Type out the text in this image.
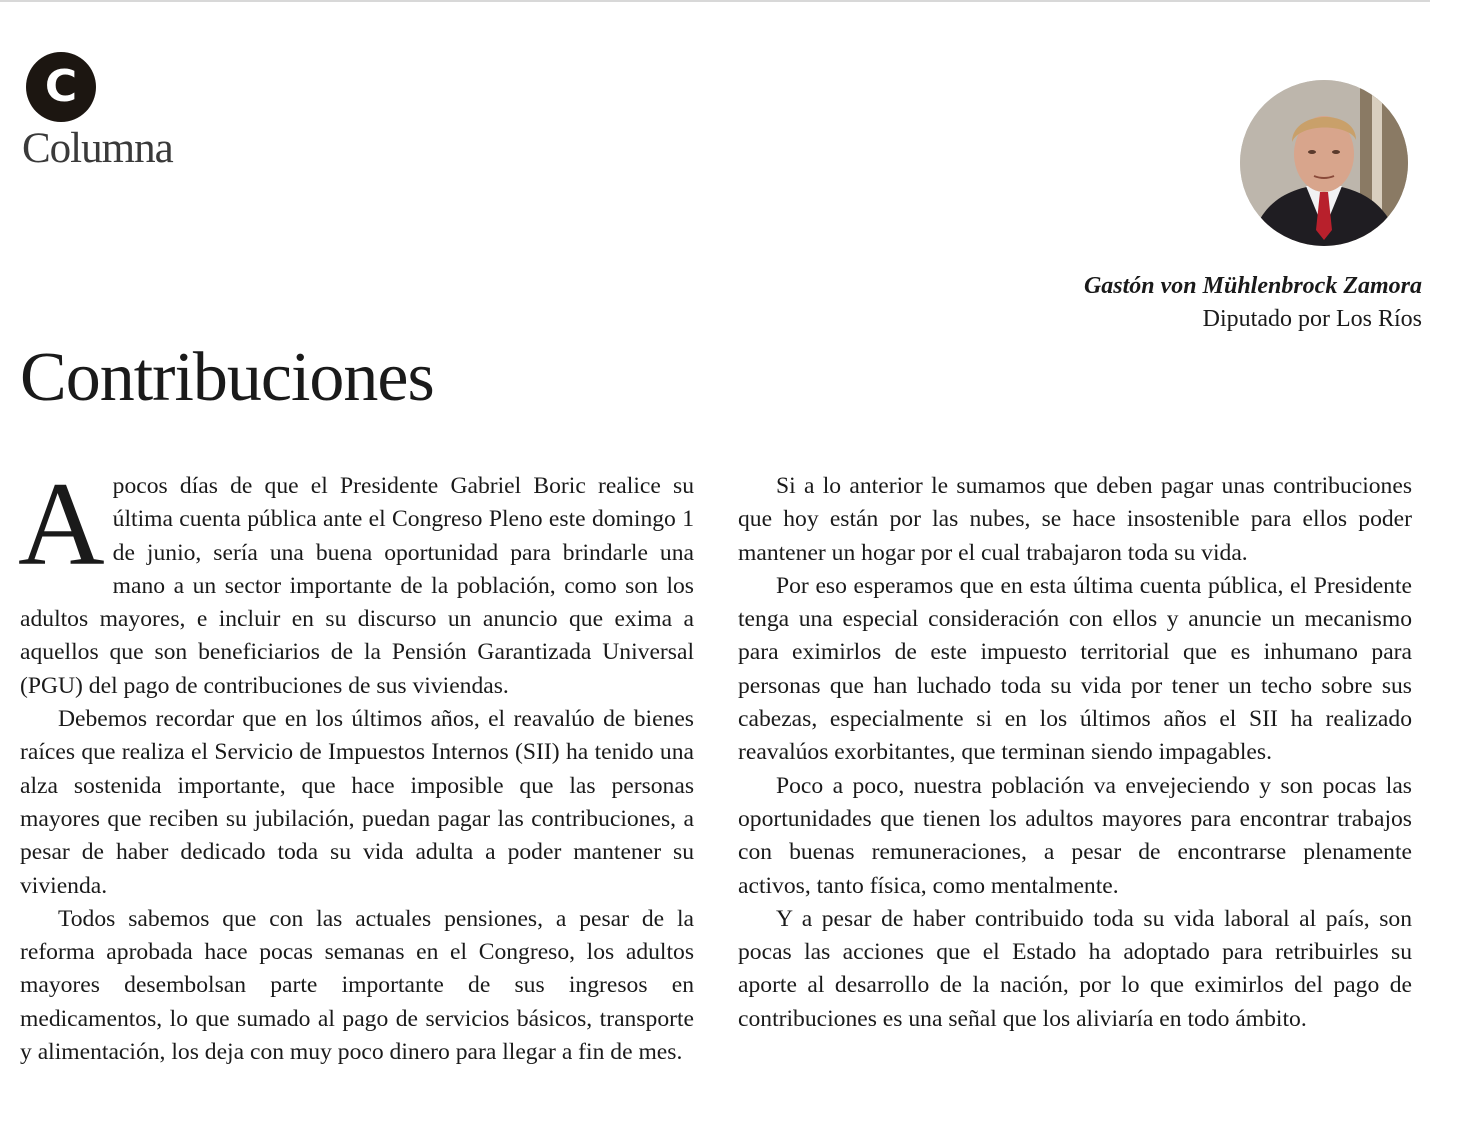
C
Columna
Gastón von Mühlenbrock Zamora
Diputado por Los Ríos
Contribuciones

A pocos días de que el Presidente Gabriel Boric realice su última cuenta pública ante el Congreso Pleno este domingo 1 de junio, sería una buena oportunidad para brindarle una mano a un sector importante de la población, como son los adultos mayores, e incluir en su discurso un anuncio que exima a aquellos que son beneficiarios de la Pensión Garantizada Universal (PGU) del pago de contribuciones de sus viviendas.

Debemos recordar que en los últimos años, el reavalúo de bienes raíces que realiza el Servicio de Impuestos Internos (SII) ha tenido una alza sostenida importante, que hace imposible que las personas mayores que reciben su jubilación, puedan pagar las contribuciones, a pesar de haber dedicado toda su vida adulta a poder mantener su vivienda.

Todos sabemos que con las actuales pensiones, a pesar de la reforma aprobada hace pocas semanas en el Congreso, los adultos mayores desembolsan parte importante de sus ingresos en medicamentos, lo que sumado al pago de servicios básicos, transporte y alimentación, los deja con muy poco dinero para llegar a fin de mes.

Si a lo anterior le sumamos que deben pagar unas contribuciones que hoy están por las nubes, se hace insostenible para ellos poder mantener un hogar por el cual trabajaron toda su vida.

Por eso esperamos que en esta última cuenta pública, el Presidente tenga una especial consideración con ellos y anuncie un mecanismo para eximirlos de este impuesto territorial que es inhumano para personas que han luchado toda su vida por tener un techo sobre sus cabezas, especialmente si en los últimos años el SII ha realizado reavalúos exorbitantes, que terminan siendo impagables.

Poco a poco, nuestra población va envejeciendo y son pocas las oportunidades que tienen los adultos mayores para encontrar trabajos con buenas remuneraciones, a pesar de encontrarse plenamente activos, tanto física, como mentalmente.

Y a pesar de haber contribuido toda su vida laboral al país, son pocas las acciones que el Estado ha adoptado para retribuirles su aporte al desarrollo de la nación, por lo que eximirlos del pago de contribuciones es una señal que los aliviaría en todo ámbito.
